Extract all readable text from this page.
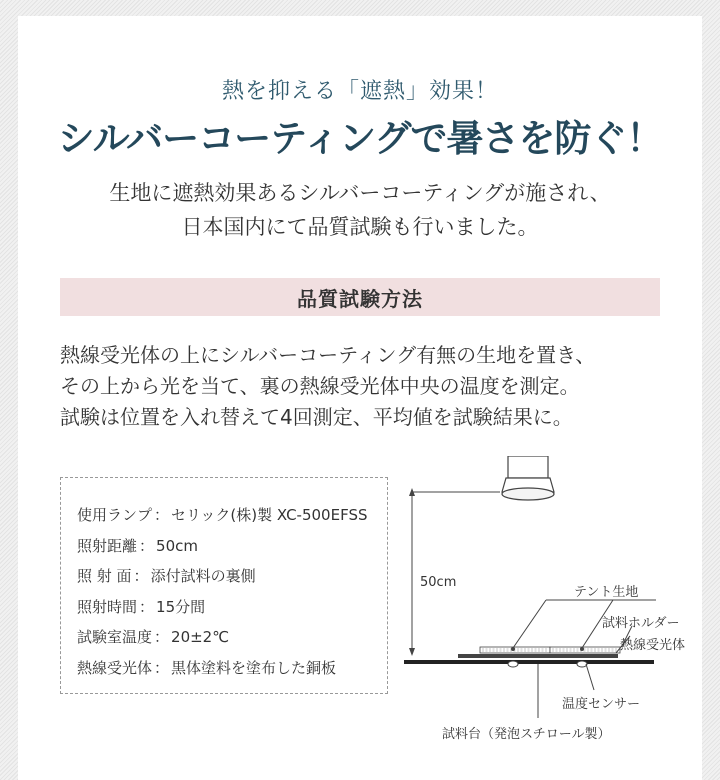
熱を抑える「遮熱」効果！
シルバーコーティングで暑さを防ぐ！
生地に遮熱効果あるシルバーコーティングが施され、
日本国内にて品質試験も行いました。
品質試験方法
熱線受光体の上にシルバーコーティング有無の生地を置き、
その上から光を当て、裏の熱線受光体中央の温度を測定。
試験は位置を入れ替えて4回測定、平均値を試験結果に。
使用ランプ ： セリック(株)製 XC-500EFSS
照射距離 ： 50cm
照 射 面 ： 添付試料の裏側
照射時間 ： 15分間
試験室温度 ： 20±2℃
熱線受光体 ： 黒体塗料を塗布した銅板
50cm
テント生地
試料ホルダー
熱線受光体
温度センサー
試料台（発泡スチロール製）
